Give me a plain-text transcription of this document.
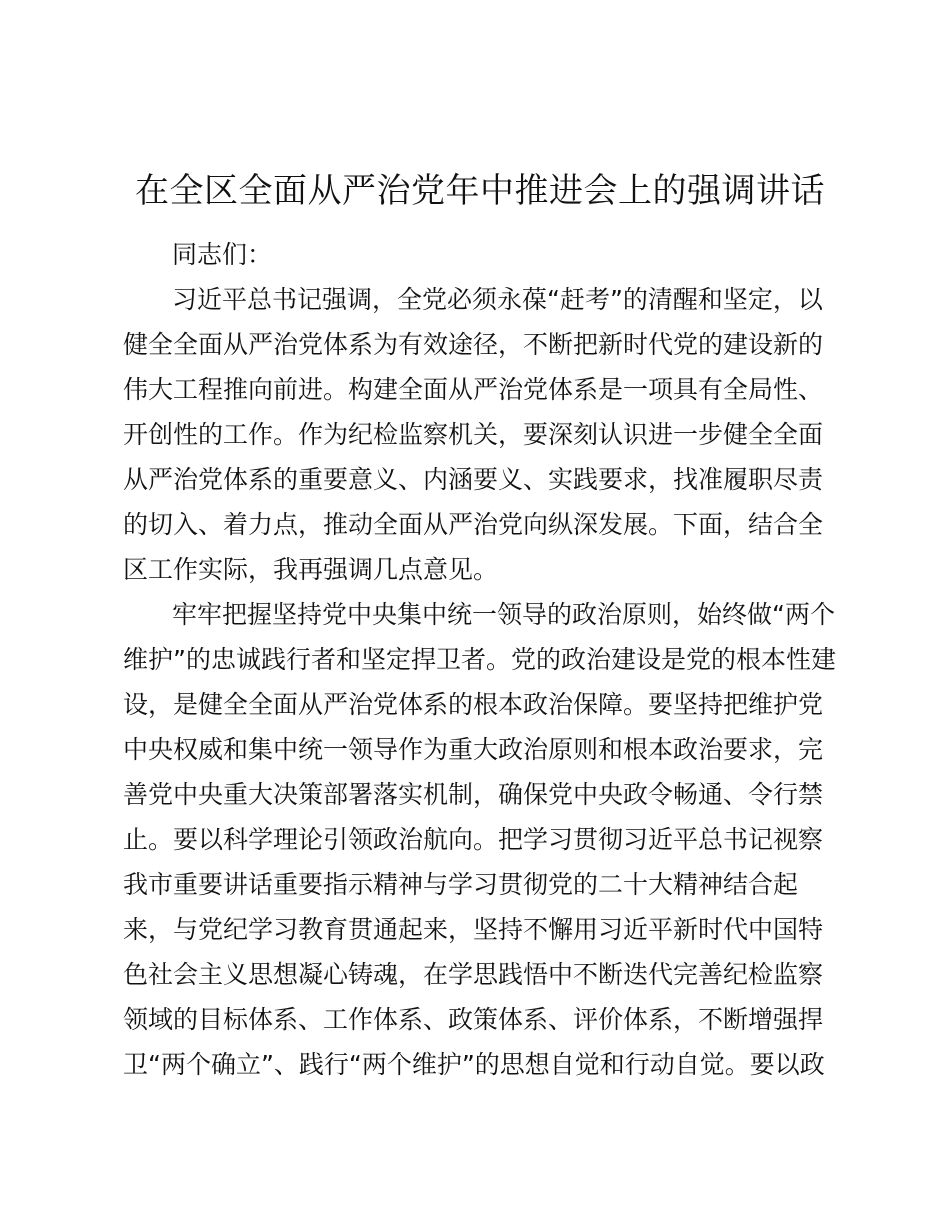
在全区全面从严治党年中推进会上的强调讲话
同志们：
习近平总书记强调，全党必须永葆“赶考”的清醒和坚定，以
健全全面从严治党体系为有效途径，不断把新时代党的建设新的
伟大工程推向前进。构建全面从严治党体系是一项具有全局性、
开创性的工作。作为纪检监察机关，要深刻认识进一步健全全面
从严治党体系的重要意义、内涵要义、实践要求，找准履职尽责
的切入、着力点，推动全面从严治党向纵深发展。下面，结合全
区工作实际，我再强调几点意见。
牢牢把握坚持党中央集中统一领导的政治原则，始终做“两个
维护”的忠诚践行者和坚定捍卫者。党的政治建设是党的根本性建
设，是健全全面从严治党体系的根本政治保障。要坚持把维护党
中央权威和集中统一领导作为重大政治原则和根本政治要求，完
善党中央重大决策部署落实机制，确保党中央政令畅通、令行禁
止。要以科学理论引领政治航向。把学习贯彻习近平总书记视察
我市重要讲话重要指示精神与学习贯彻党的二十大精神结合起
来，与党纪学习教育贯通起来，坚持不懈用习近平新时代中国特
色社会主义思想凝心铸魂，在学思践悟中不断迭代完善纪检监察
领域的目标体系、工作体系、政策体系、评价体系，不断增强捍
卫“两个确立”、践行“两个维护”的思想自觉和行动自觉。要以政
